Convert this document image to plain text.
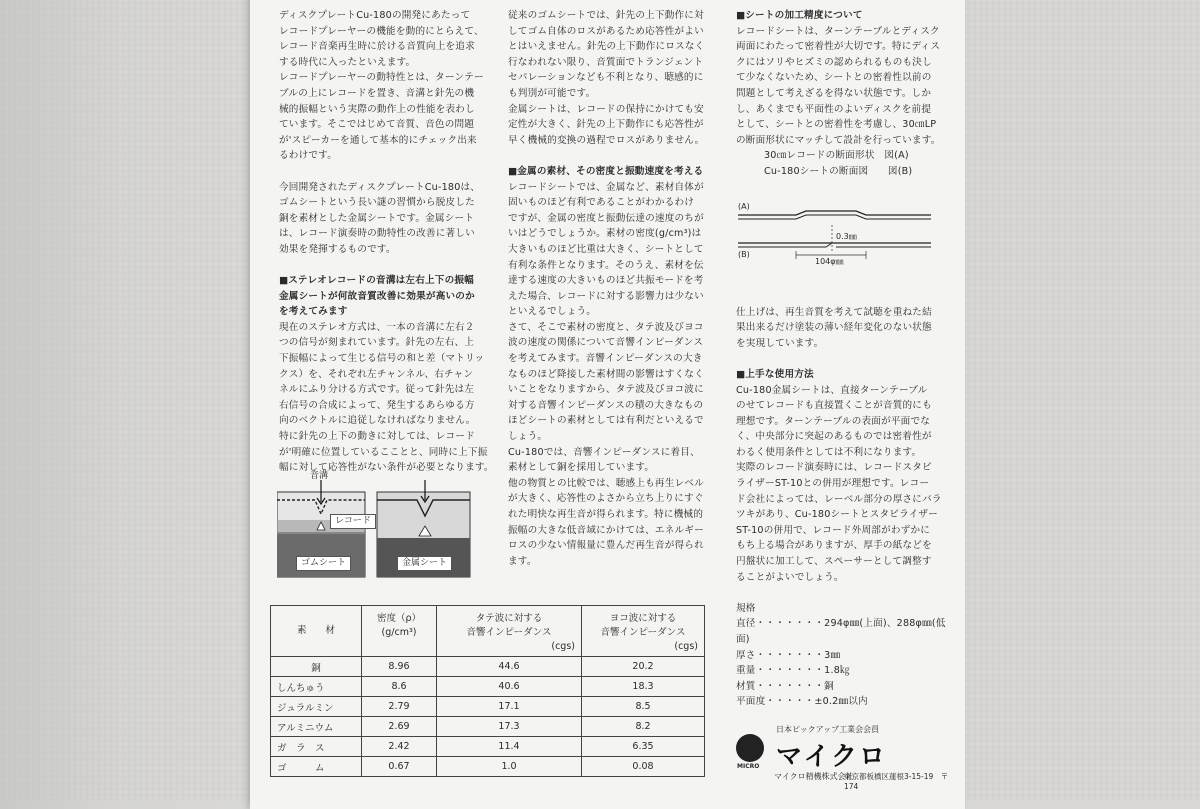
ディスクプレートCu-180の開発にあたって
レコードプレーヤーの機能を動的にとらえて、
レコード音楽再生時に於ける音質向上を追求
する時代に入ったといえます。
レコードプレーヤーの動特性とは、ターンテー
ブルの上にレコードを置き、音溝と針先の機
械的振幅という実際の動作上の性能を表わし
ています。そこではじめて音質、音色の問題
が'スピーカーを通して基本的にチェック出来
るわけです。

今回開発されたディスクプレートCu-180は、
ゴムシートという長い謎の習慣から脱皮した
銅を素材とした金属シートです。金属シート
は、レコード演奏時の動特性の改善に著しい
効果を発揮するものです。

■ステレオレコードの音溝は左右上下の振幅

金属シートが何故音質改善に効果が高いのか
を考えてみます

現在のステレオ方式は、一本の音溝に左右２
つの信号が刻まれています。針先の左右、上
下振幅によって生じる信号の和と差（マトリッ
クス）を、それぞれ左チャンネル、右チャン
ネルにふり分ける方式です。従って針先は左
右信号の合成によって、発生するあらゆる方
向のベクトルに追従しなければなりません。
特に針先の上下の動きに対しては、レコード
が'明確に位置しているこことと、同時に上下振
幅に対して応答性がない条件が必要となります。

音溝
レコード
ゴムシート	金属シート

従来のゴムシートでは、針先の上下動作に対
してゴム自体のロスがあるため応答性がよい
とはいえません。針先の上下動作にロスなく
行なわれない限り、音質面でトランジェント
セパレーションなども不利となり、聴感的に
も判別が可能です。
金属シートは、レコードの保持にかけても安
定性が大きく、針先の上下動作にも応答性が
早く機械的変換の過程でロスがありません。

■金属の素材、その密度と振動速度を考える

レコードシートでは、金属など、素材自体が
固いものほど有利であることがわかるわけ
ですが、金属の密度と振動伝達の速度のちが
いはどうでしょうか。素材の密度(g/cm³)は
大きいものほど比重は大きく、シートとして
有利な条件となります。そのうえ、素材を伝
達する速度の大きいものほど共振モードを考
えた場合、レコードに対する影響力は少ない
といえるでしょう。
さて、そこで素材の密度と、タテ波及びヨコ
波の速度の関係について音響インピーダンス
を考えてみます。音響インピーダンスの大き
なものほど降接した素材間の影響はすくなく
いことをなりますから、タテ波及びヨコ波に
対する音響インピーダンスの積の大きなもの
ほどシートの素材としては有利だといえるで
しょう。

Cu-180では、音響インピーダンスに着目、
素材として銅を採用しています。
他の物質との比較では、聴感上も再生レベル
が大きく、応答性のよさから立ち上りにすぐ
れた明快な再生音が得られます。特に機械的
振幅の大きな低音域にかけては、エネルギー
ロスの少ない情報量に豊んだ再生音が得られ
ます。

■シートの加工精度について

レコードシートは、ターンテーブルとディスク
両面にわたって密着性が大切です。特にディス
クにはソリやヒズミの認められるものも決し
て少なくないため、シートとの密着性以前の
問題として考えざるを得ない状態です。しか
し、あくまでも平面性のよいディスクを前提
として、シートとの密着性を考慮し、30㎝LP
の断面形状にマッチして設計を行っています。

30㎝レコードの断面形状　図(A)

Cu-180シートの断面図　　図(B)

仕上げは、再生音質を考えて試聴を重ねた結
果出来るだけ塗装の薄い経年変化のない状態
を実現しています。

■上手な使用方法

Cu-180金属シートは、直接ターンテーブル
のせてレコードも直接置くことが音質的にも
理想です。ターンテーブルの表面が平面でな
く、中央部分に突起のあるものでは密着性が
わるく使用条件としては不利になります。
実際のレコード演奏時には、レコードスタビ
ライザーST-10との併用が理想です。レコー
ド会社によっては、レーベル部分の厚さにバラ
ツキがあり、Cu-180シートとスタビライザー
ST-10の併用で、レコード外周部がわずかに
もち上る場合がありますが、厚手の紙などを
円盤状に加工して、スペーサーとして調整す
ることがよいでしょう。

規格

直径・・・・・・・294φ㎜(上面)、288φ㎜(低面)

厚さ・・・・・・・3㎜

重量・・・・・・・1.8㎏

材質・・・・・・・銅

平面度・・・・・±0.2㎜以内

(A)
(B)
0.3㎜
104φ㎜
素　　材	密度（ρ）
(g/cm³)	タテ波に対する
音響インピーダンス
(cgs)	ヨコ波に対する
音響インピーダンス
(cgs)

銅	8.96	44.6	20.2
しんちゅう	8.6	40.6	18.3
ジュラルミン	2.79	17.1	8.5
アルミニウム	2.69	17.3	8.2
ガ　ラ　ス	2.42	11.4	6.35
ゴ　　　ム	0.67	1.0	0.08	MICRO
日本ピックアップ工業会会員
マイクロ
マイクロ精機株式会社
東京都板橋区蓮根3-15-19　〒174
